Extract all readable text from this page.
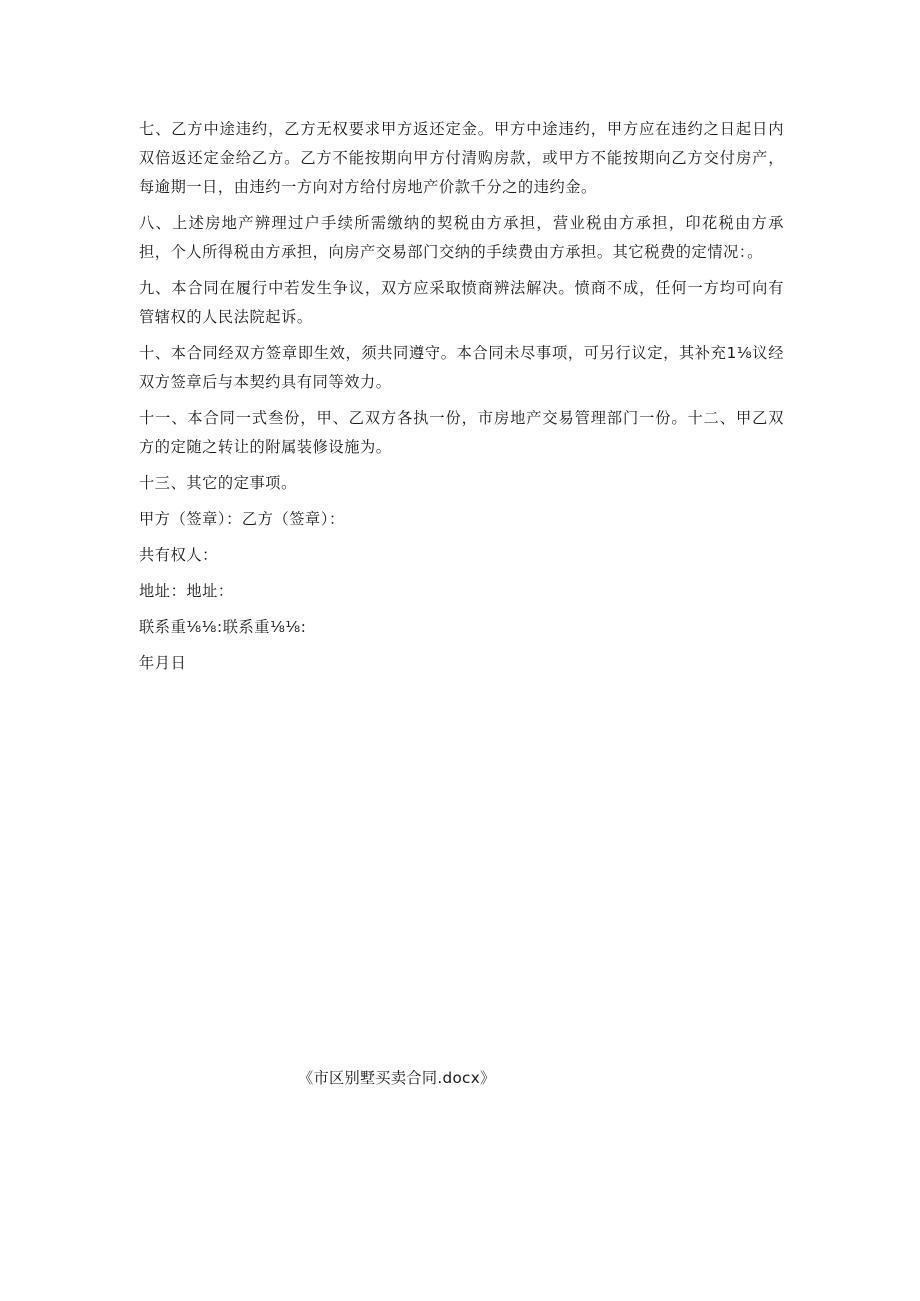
七、乙方中途违约，乙方无权要求甲方返还定金。甲方中途违约，甲方应在违约之日起日内双倍返还定金给乙方。乙方不能按期向甲方付清购房款，或甲方不能按期向乙方交付房产，每逾期一日，由违约一方向对方给付房地产价款千分之的违约金。

八、上述房地产辨理过户手续所需缴纳的契税由方承担，营业税由方承担，印花税由方承担，个人所得税由方承担，向房产交易部门交纳的手续费由方承担。其它税费的定情况：。

九、本合同在履行中若发生争议，双方应采取愤商辨法解决。愤商不成，任何一方均可向有管辖权的人民法院起诉。

十、本合同经双方签章即生效，须共同遵守。本合同未尽事项，可另行议定，其补充1⅛议经双方签章后与本契约具有同等效力。

十一、本合同一式叁份，甲、乙双方各执一份，市房地产交易管理部门一份。十二、甲乙双方的定随之转让的附属装修设施为。

十三、其它的定事项。

甲方（签章）：乙方（签章）：

共有权人：

地址：地址：

联系重⅛⅛:联系重⅛⅛:

年月日

《市区别墅买卖合同.docx》
